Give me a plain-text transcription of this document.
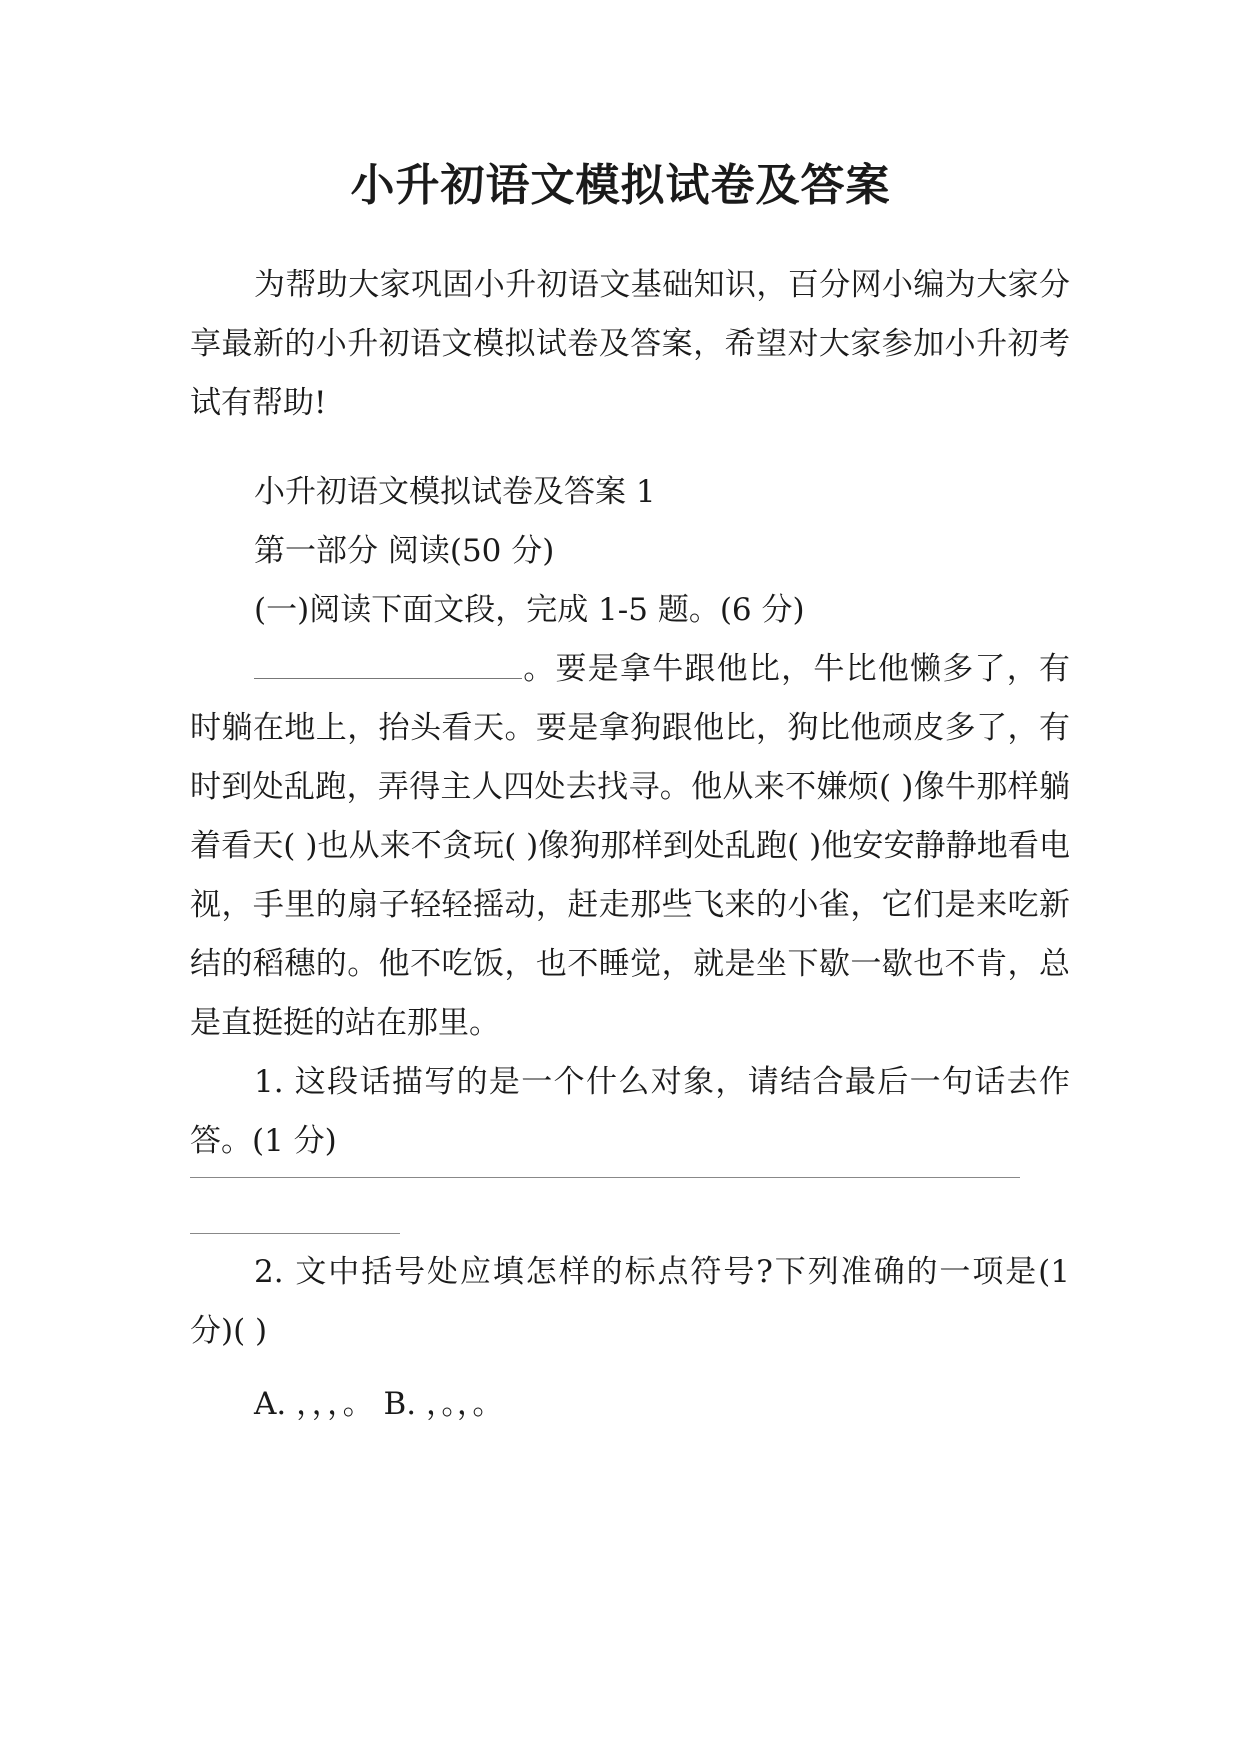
小升初语文模拟试卷及答案

为帮助大家巩固小升初语文基础知识，百分网小编为大家分享最新的小升初语文模拟试卷及答案，希望对大家参加小升初考试有帮助!

小升初语文模拟试卷及答案 1

第一部分 阅读(50 分)

(一)阅读下面文段，完成 1-5 题。(6 分)

。要是拿牛跟他比，牛比他懒多了，有时躺在地上，抬头看天。要是拿狗跟他比，狗比他顽皮多了，有时到处乱跑，弄得主人四处去找寻。他从来不嫌烦( )像牛那样躺着看天( )也从来不贪玩( )像狗那样到处乱跑( )他安安静静地看电视，手里的扇子轻轻摇动，赶走那些飞来的小雀，它们是来吃新结的稻穗的。他不吃饭，也不睡觉，就是坐下歇一歇也不肯，总是直挺挺的站在那里。

1. 这段话描写的是一个什么对象，请结合最后一句话去作答。(1 分)

2. 文中括号处应填怎样的标点符号?下列准确的一项是(1 分)( )

A. ，，，。 B. ，。，。
